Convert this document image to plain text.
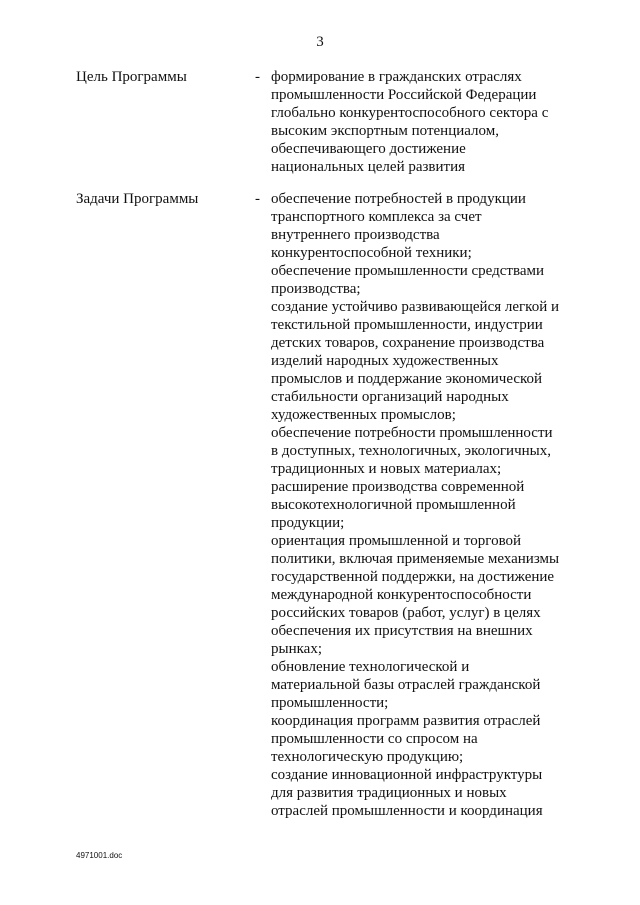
3
Цель Программы	- формирование в гражданских отраслях
промышленности Российской Федерации
глобально конкурентоспособного сектора с
высоким экспортным потенциалом,
обеспечивающего достижение
национальных целей развития
Задачи Программы	- обеспечение потребностей в продукции
транспортного комплекса за счет
внутреннего производства
конкурентоспособной техники;
обеспечение промышленности средствами
производства;
создание устойчиво развивающейся легкой и
текстильной промышленности, индустрии
детских товаров, сохранение производства
изделий народных художественных
промыслов и поддержание экономической
стабильности организаций народных
художественных промыслов;
обеспечение потребности промышленности
в доступных, технологичных, экологичных,
традиционных и новых материалах;
расширение производства современной
высокотехнологичной промышленной
продукции;
ориентация промышленной и торговой
политики, включая применяемые механизмы
государственной поддержки, на достижение
международной конкурентоспособности
российских товаров (работ, услуг) в целях
обеспечения их присутствия на внешних
рынках;
обновление технологической и
материальной базы отраслей гражданской
промышленности;
координация программ развития отраслей
промышленности со спросом на
технологическую продукцию;
создание инновационной инфраструктуры
для развития традиционных и новых
отраслей промышленности и координация
4971001.doc
